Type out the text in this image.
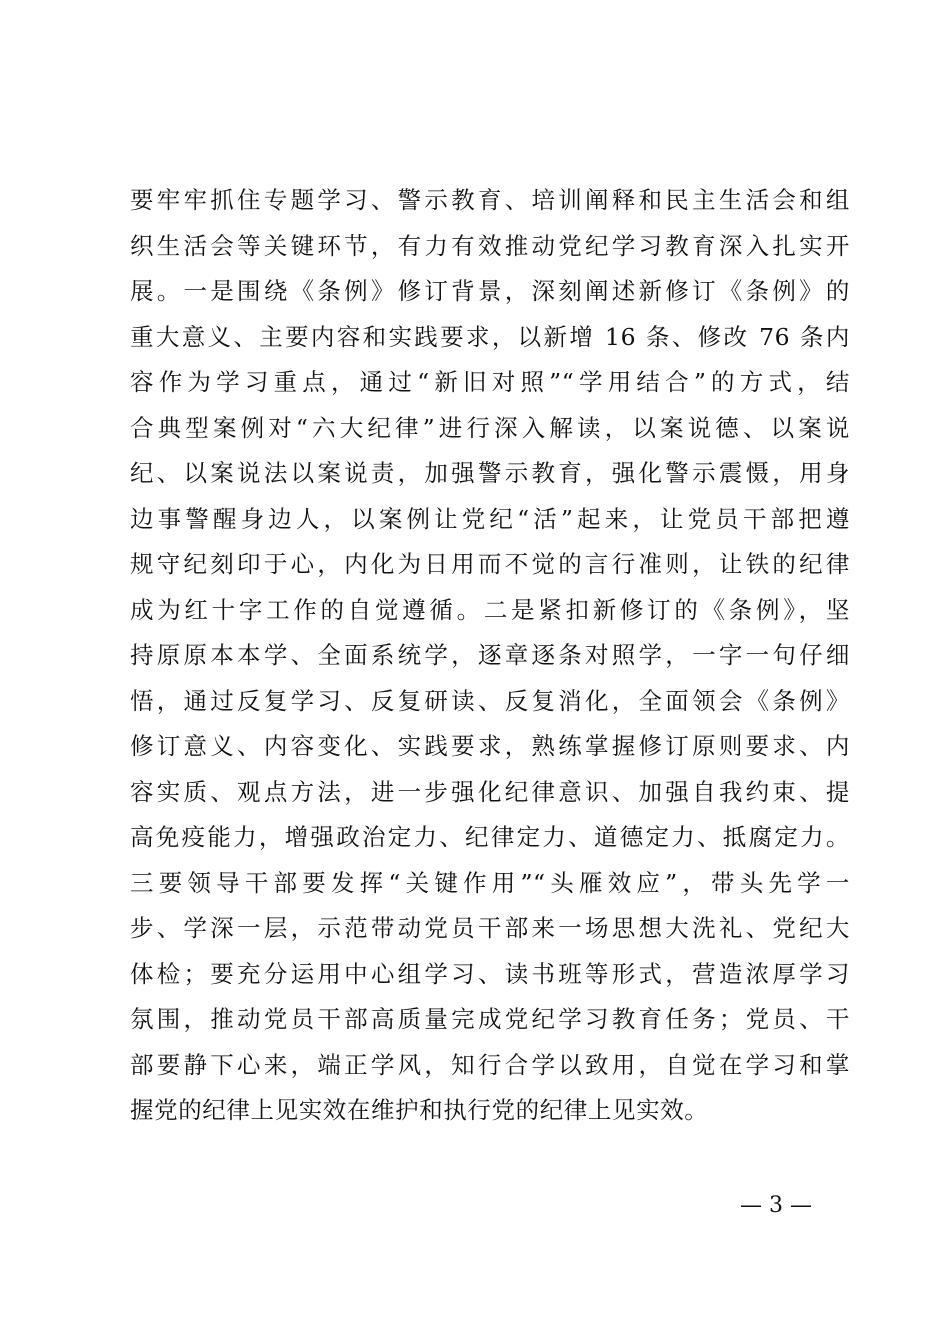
要牢牢抓住专题学习、警示教育、培训阐释和民主生活会和组
织生活会等关键环节，有力有效推动党纪学习教育深入扎实开
展。一是围绕《条例》修订背景，深刻阐述新修订《条例》的
重大意义、主要内容和实践要求，以新增 16 条、修改 76 条内
容作为学习重点，通过“新旧对照”“学用结合”的方式，结
合典型案例对“六大纪律”进行深入解读，以案说德、以案说
纪、以案说法以案说责，加强警示教育，强化警示震慑，用身
边事警醒身边人，以案例让党纪“活”起来，让党员干部把遵
规守纪刻印于心，内化为日用而不觉的言行准则，让铁的纪律
成为红十字工作的自觉遵循。二是紧扣新修订的《条例》，坚
持原原本本学、全面系统学，逐章逐条对照学，一字一句仔细
悟，通过反复学习、反复研读、反复消化，全面领会《条例》
修订意义、内容变化、实践要求，熟练掌握修订原则要求、内
容实质、观点方法，进一步强化纪律意识、加强自我约束、提
高免疫能力，增强政治定力、纪律定力、道德定力、抵腐定力。
三要领导干部要发挥“关键作用”“头雁效应”，带头先学一
步、学深一层，示范带动党员干部来一场思想大洗礼、党纪大
体检；要充分运用中心组学习、读书班等形式，营造浓厚学习
氛围，推动党员干部高质量完成党纪学习教育任务；党员、干
部要静下心来，端正学风，知行合学以致用，自觉在学习和掌
握党的纪律上见实效在维护和执行党的纪律上见实效。
— 3 —
